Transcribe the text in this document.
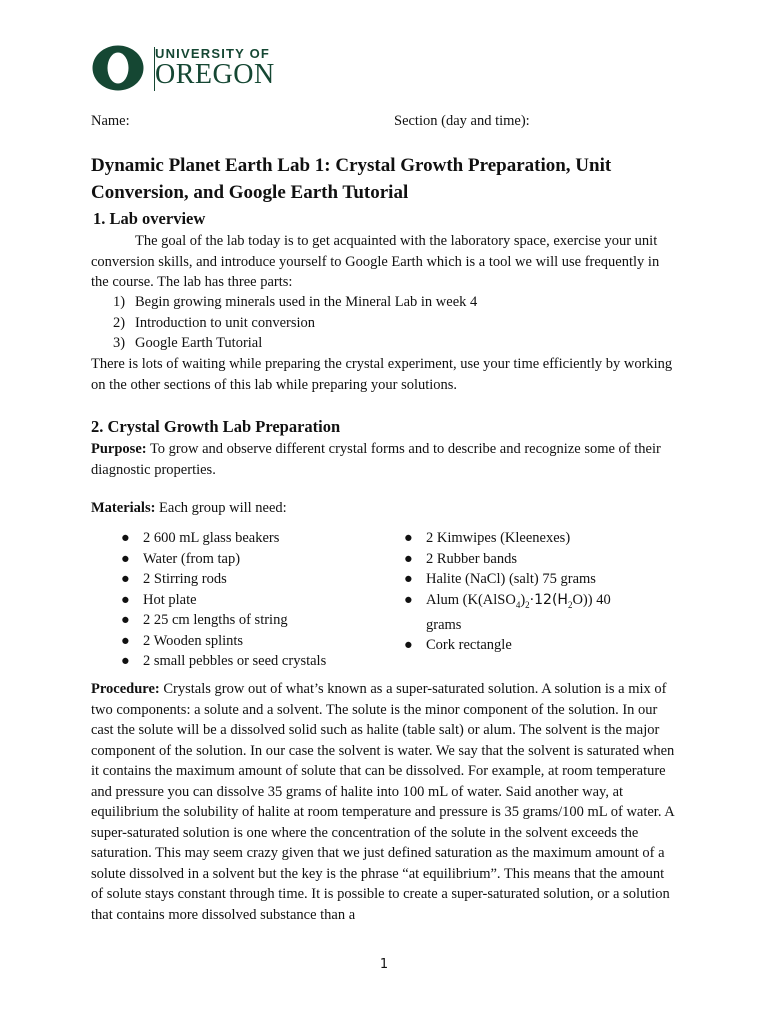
UNIVERSITY OF
OREGON
Name:	Section (day and time):
Dynamic Planet Earth Lab 1: Crystal Growth Preparation, Unit Conversion, and Google Earth Tutorial
1. Lab overview

The goal of the lab today is to get acquainted with the laboratory space, exercise your unit conversion skills, and introduce yourself to Google Earth which is a tool we will use frequently in the course. The lab has three parts:

1) Begin growing minerals used in the Mineral Lab in week 4
2) Introduction to unit conversion
3) Google Earth Tutorial

There is lots of waiting while preparing the crystal experiment, use your time efficiently by working on the other sections of this lab while preparing your solutions.

2. Crystal Growth Lab Preparation

Purpose: To grow and observe different crystal forms and to describe and recognize some of their diagnostic properties.

Materials: Each group will need:

● 2 600 mL glass beakers
● Water (from tap)
● 2 Stirring rods
● Hot plate
● 2 25 cm lengths of string
● 2 Wooden splints
● 2 small pebbles or seed crystals
● 2 Kimwipes (Kleenexes)
● 2 Rubber bands
● Halite (NaCl) (salt) 75 grams
● Alum $(K(AlSO_4)_2\cdot 12(H_2O))$ 40 grams
● Cork rectangle

Procedure: Crystals grow out of what’s known as a super-saturated solution. A solution is a mix of two components: a solute and a solvent. The solute is the minor component of the solution. In our cast the solute will be a dissolved solid such as halite (table salt) or alum. The solvent is the major component of the solution. In our case the solvent is water. We say that the solvent is saturated when it contains the maximum amount of solute that can be dissolved. For example, at room temperature and pressure you can dissolve 35 grams of halite into 100 mL of water. Said another way, at equilibrium the solubility of halite at room temperature and pressure is 35 grams/100 mL of water. A super-saturated solution is one where the concentration of the solute in the solvent exceeds the saturation. This may seem crazy given that we just defined saturation as the maximum amount of a solute dissolved in a solvent but the key is the phrase “at equilibrium”. This means that the amount of solute stays constant through time. It is possible to create a super-saturated solution, or a solution that contains more dissolved substance than a

1
